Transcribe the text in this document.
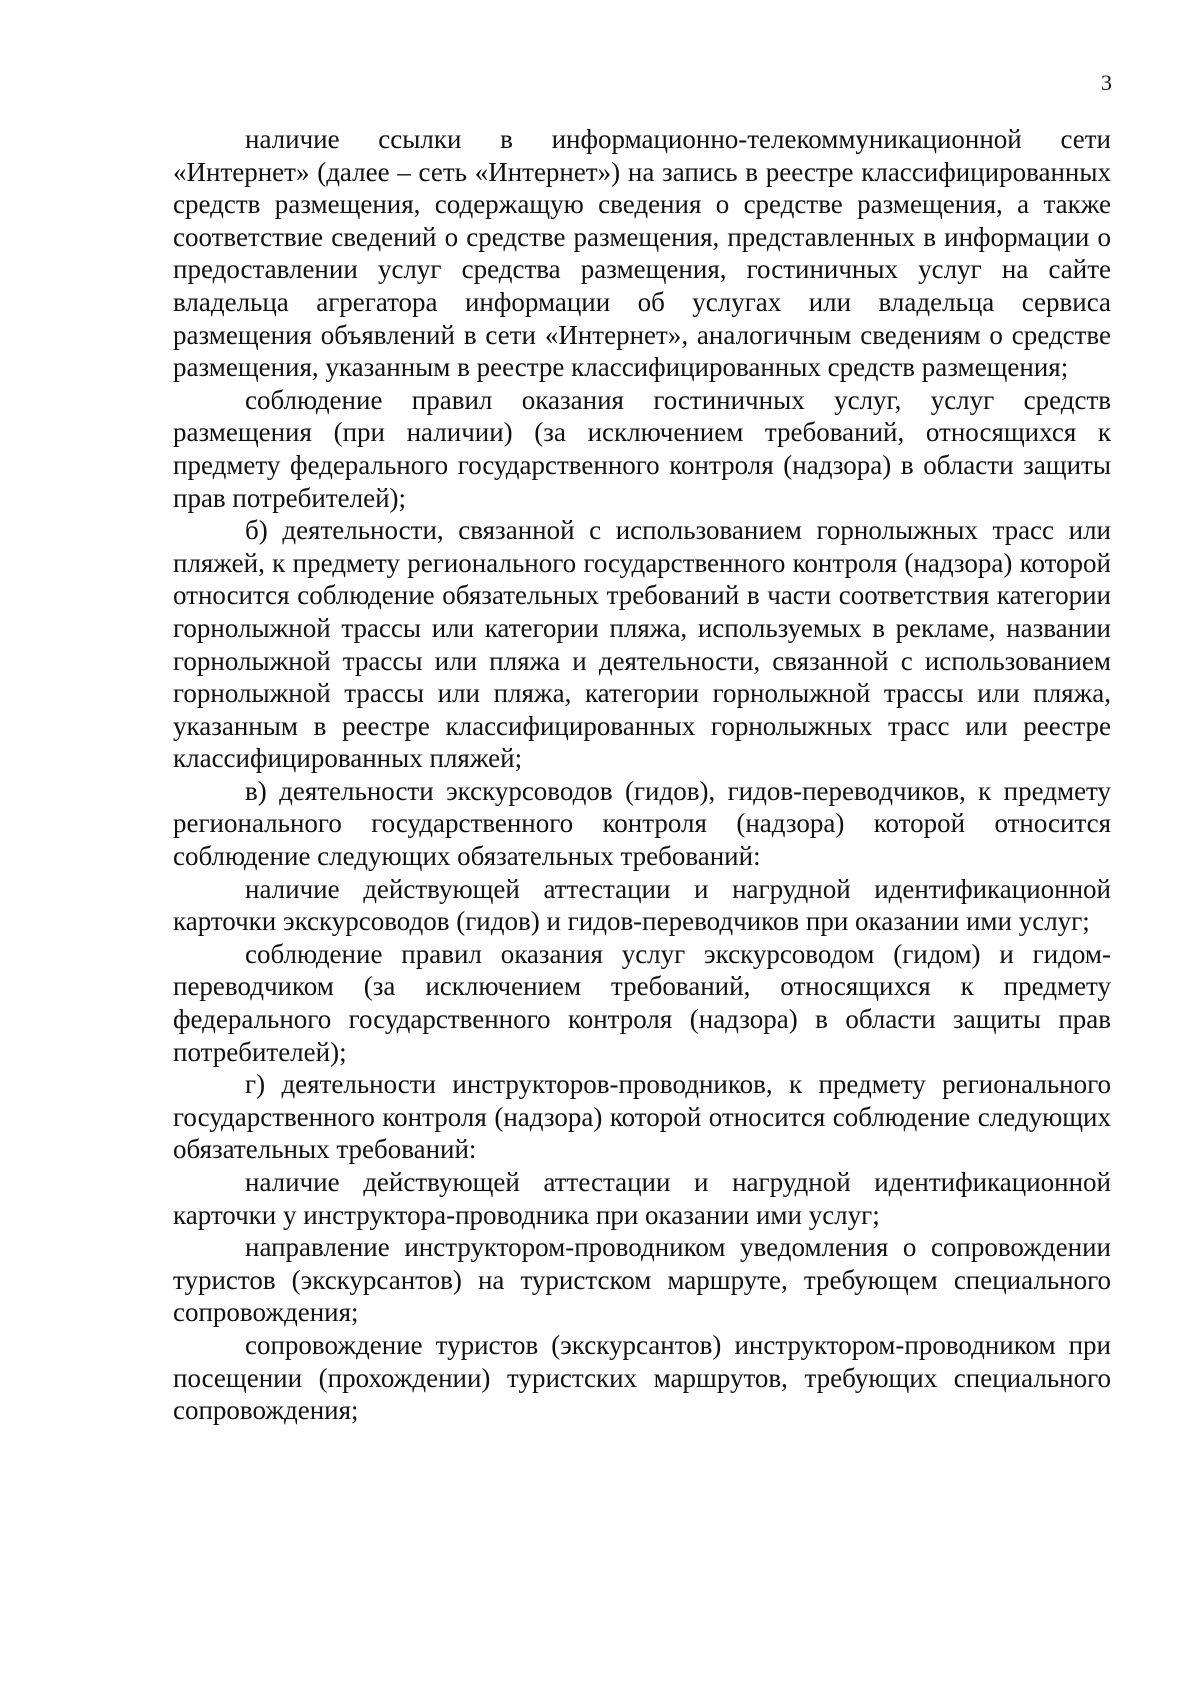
3

наличие ссылки в информационно-телекоммуникационной сети «Интернет» (далее – сеть «Интернет») на запись в реестре классифицированных средств размещения, содержащую сведения о средстве размещения, а также соответствие сведений о средстве размещения, представленных в информации о предоставлении услуг средства размещения, гостиничных услуг на сайте владельца агрегатора информации об услугах или владельца сервиса размещения объявлений в сети «Интернет», аналогичным сведениям о средстве размещения, указанным в реестре классифицированных средств размещения;

соблюдение правил оказания гостиничных услуг, услуг средств размещения (при наличии) (за исключением требований, относящихся к предмету федерального государственного контроля (надзора) в области защиты прав потребителей);

б) деятельности, связанной с использованием горнолыжных трасс или пляжей, к предмету регионального государственного контроля (надзора) которой относится соблюдение обязательных требований в части соответствия категории горнолыжной трассы или категории пляжа, используемых в рекламе, названии горнолыжной трассы или пляжа и деятельности, связанной с использованием горнолыжной трассы или пляжа, категории горнолыжной трассы или пляжа, указанным в реестре классифицированных горнолыжных трасс или реестре классифицированных пляжей;

в) деятельности экскурсоводов (гидов), гидов-переводчиков, к предмету регионального государственного контроля (надзора) которой относится соблюдение следующих обязательных требований:

наличие действующей аттестации и нагрудной идентификационной карточки экскурсоводов (гидов) и гидов-переводчиков при оказании ими услуг;

соблюдение правил оказания услуг экскурсоводом (гидом) и гидом-переводчиком (за исключением требований, относящихся к предмету федерального государственного контроля (надзора) в области защиты прав потребителей);

г) деятельности инструкторов-проводников, к предмету регионального государственного контроля (надзора) которой относится соблюдение следующих обязательных требований:

наличие действующей аттестации и нагрудной идентификационной карточки у инструктора-проводника при оказании ими услуг;

направление инструктором-проводником уведомления о сопровождении туристов (экскурсантов) на туристском маршруте, требующем специального сопровождения;

сопровождение туристов (экскурсантов) инструктором-проводником при посещении (прохождении) туристских маршрутов, требующих специального сопровождения;
